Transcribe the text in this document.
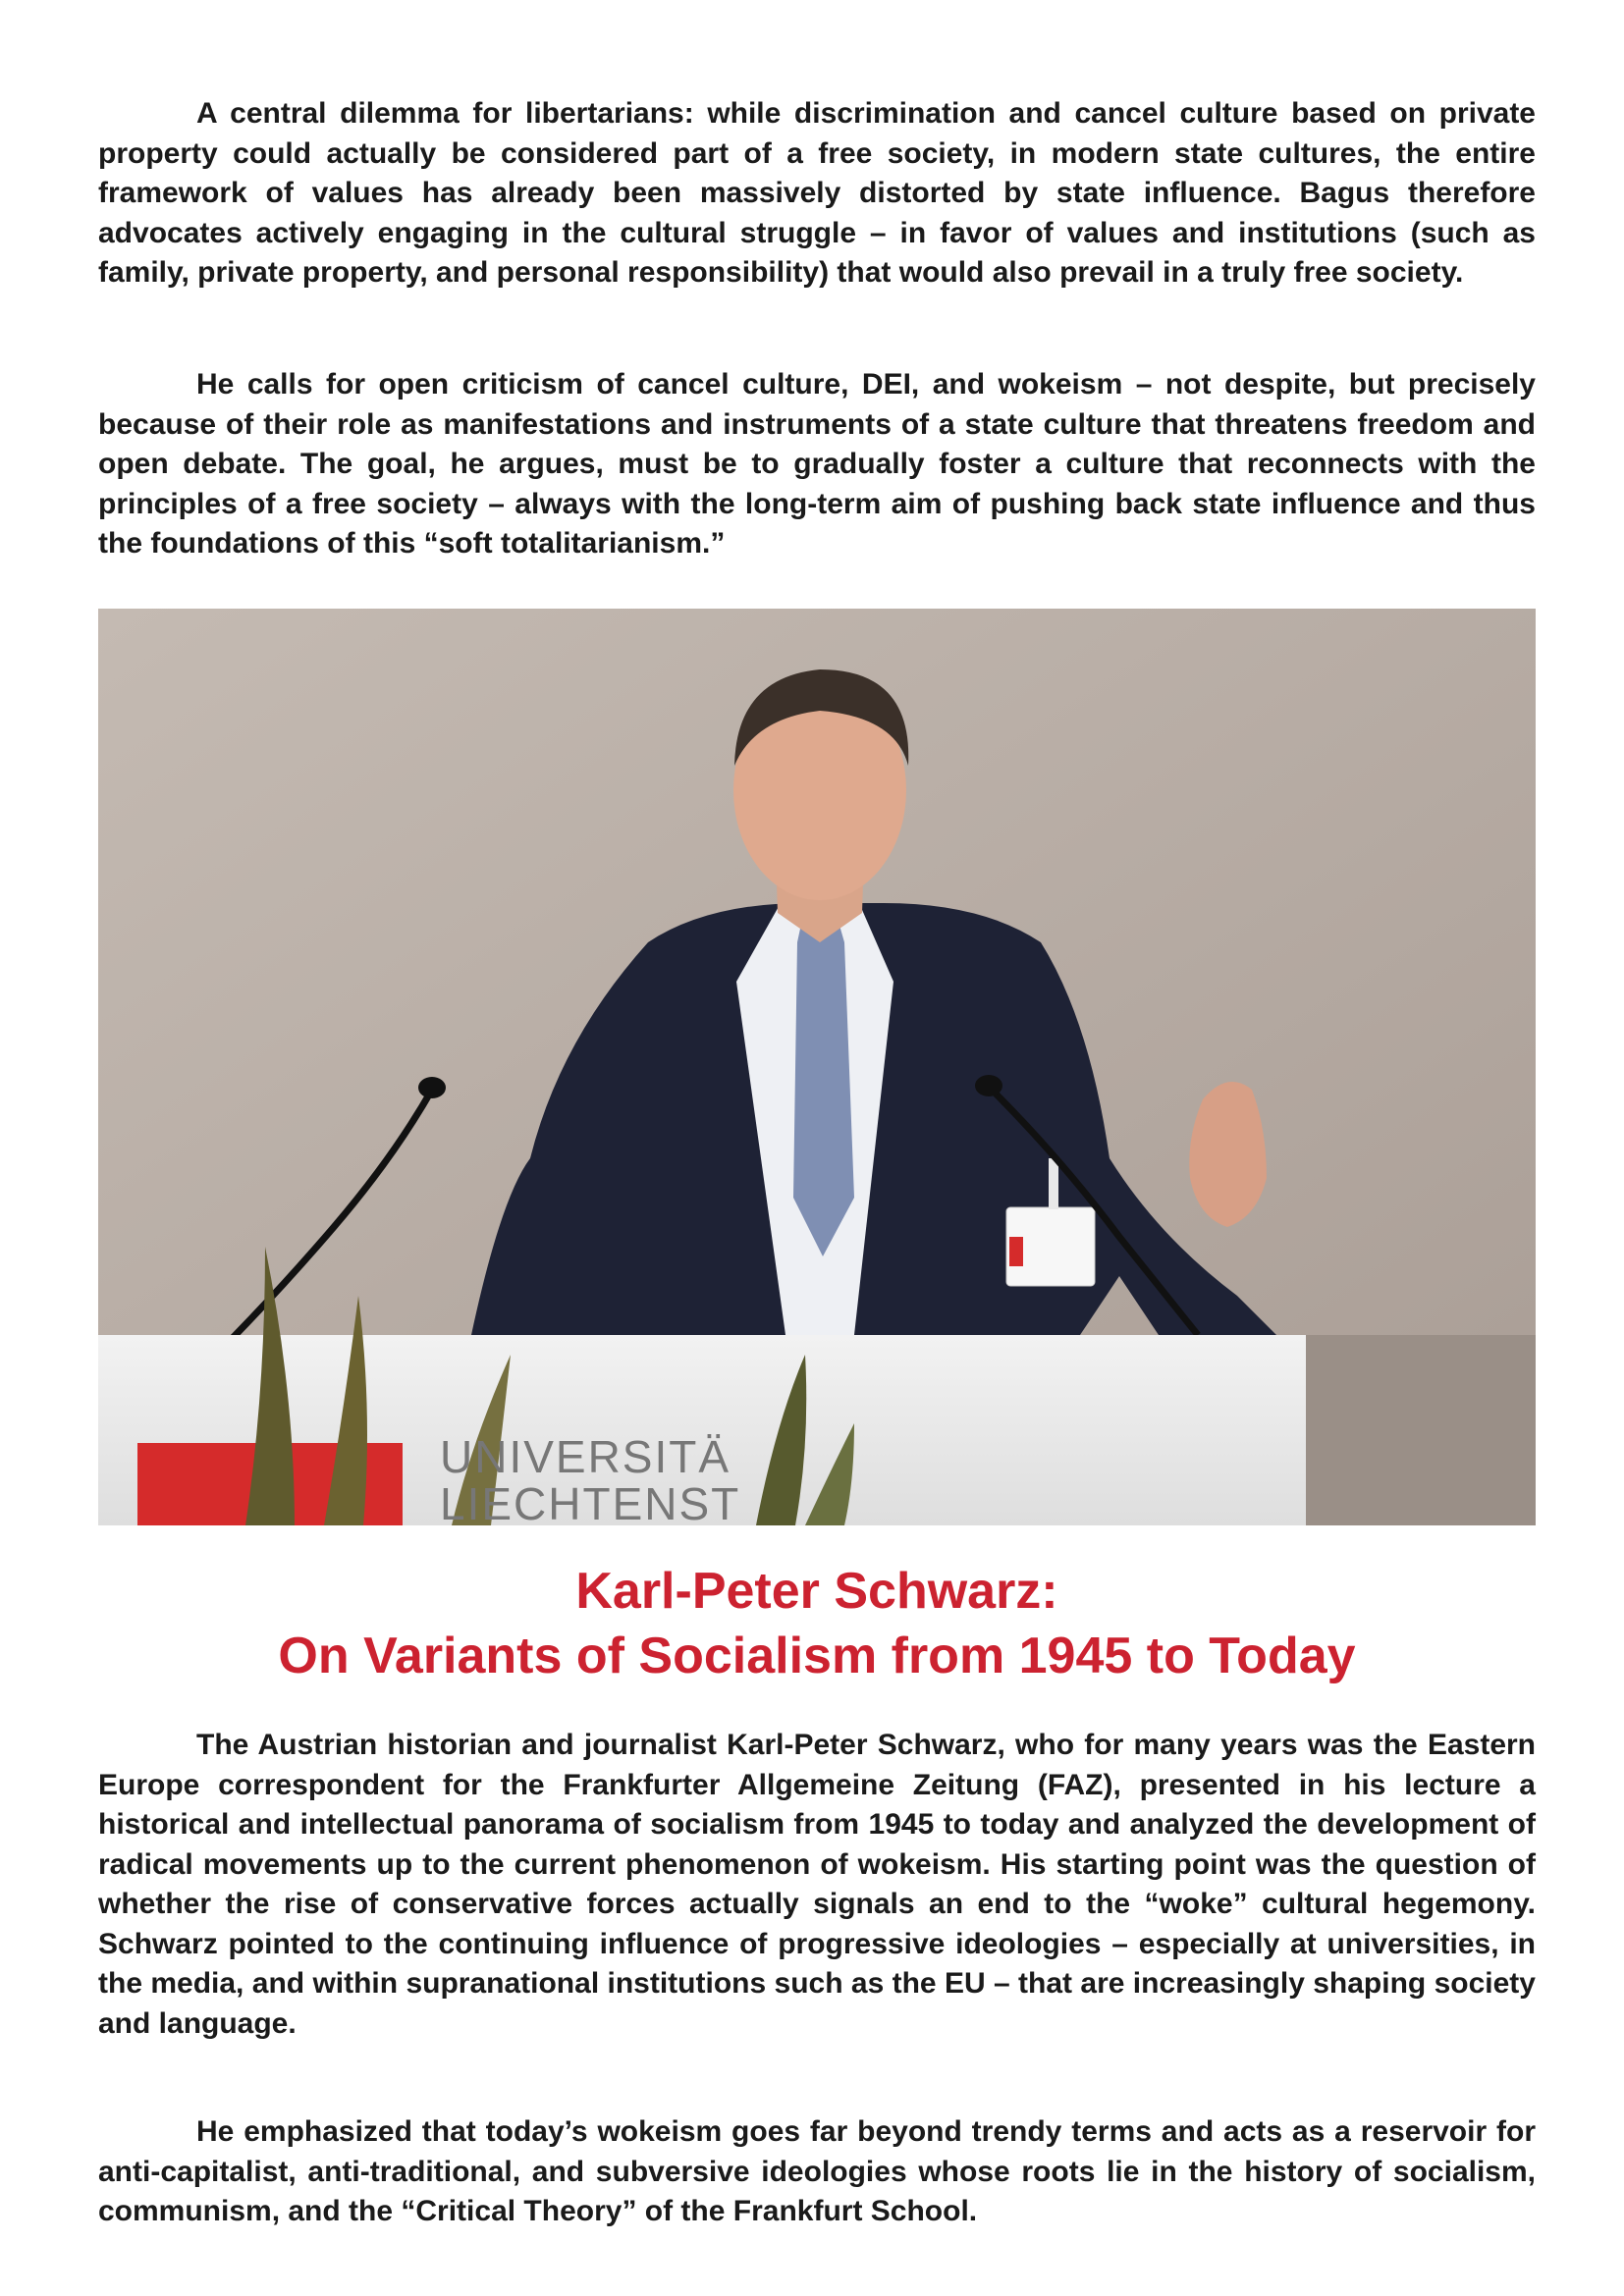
A central dilemma for libertarians: while discrimination and cancel culture based on private property could actually be considered part of a free society, in modern state cultures, the entire framework of values has already been massively distorted by state influence. Bagus therefore advocates actively engaging in the cultural struggle – in favor of values and institutions (such as family, private property, and personal responsibility) that would also prevail in a truly free society.

He calls for open criticism of cancel culture, DEI, and wokeism – not despite, but precisely because of their role as manifestations and instruments of a state culture that threatens freedom and open debate. The goal, he argues, must be to gradually foster a culture that reconnects with the principles of a free society – always with the long-term aim of pushing back state influence and thus the foundations of this “soft totalitarianism.”

UNIVERSITÄ
LIECHTENST
Karl-Peter Schwarz:
On Variants of Socialism from 1945 to Today

The Austrian historian and journalist Karl-Peter Schwarz, who for many years was the Eastern Europe correspondent for the Frankfurter Allgemeine Zeitung (FAZ), presented in his lecture a historical and intellectual panorama of socialism from 1945 to today and analyzed the development of radical movements up to the current phenomenon of wokeism. His starting point was the question of whether the rise of conservative forces actually signals an end to the “woke” cultural hegemony. Schwarz pointed to the continuing influence of progressive ideologies – especially at universities, in the media, and within supranational institutions such as the EU – that are increasingly shaping society and language.

He emphasized that today’s wokeism goes far beyond trendy terms and acts as a reservoir for anti-capitalist, anti-traditional, and subversive ideologies whose roots lie in the history of socialism, communism, and the “Critical Theory” of the Frankfurt School.
